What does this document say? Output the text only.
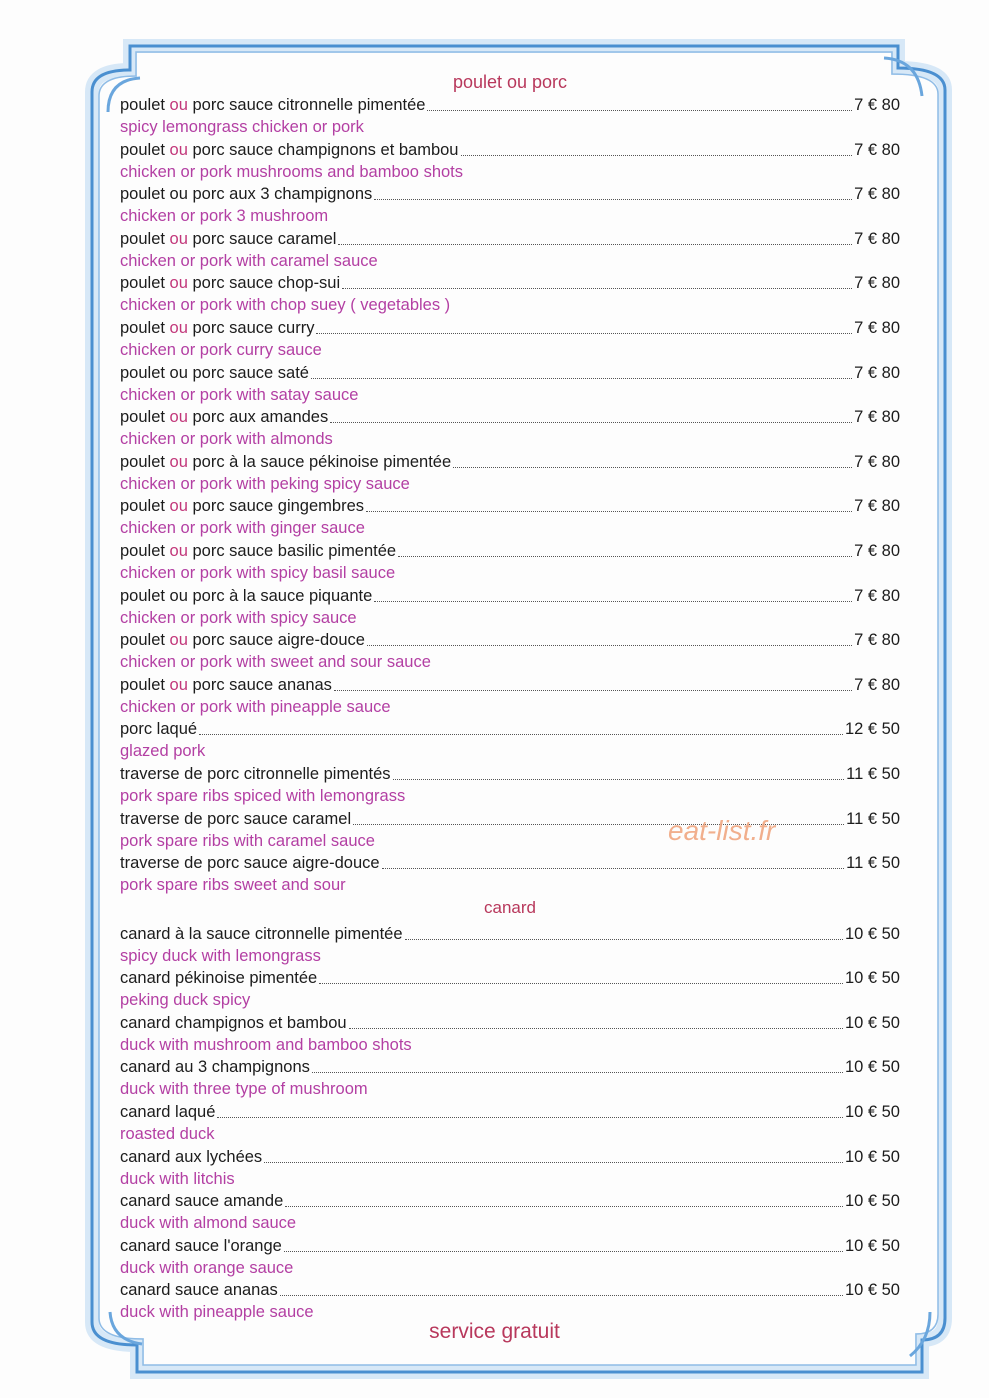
poulet ou porc
poulet ou porc sauce citronnelle pimentée	7 € 80
spicy lemongrass chicken or pork
poulet ou porc sauce champignons et bambou	7 € 80
chicken or pork mushrooms and bamboo shots
poulet ou porc aux 3 champignons	7 € 80
chicken or pork 3 mushroom
poulet ou porc sauce caramel	7 € 80
chicken or pork with caramel sauce
poulet ou porc sauce chop-sui	7 € 80
chicken or pork with chop suey ( vegetables )
poulet ou porc sauce curry	7 € 80
chicken or pork curry sauce
poulet ou porc sauce saté	7 € 80
chicken or pork with satay sauce
poulet ou porc aux amandes	7 € 80
chicken or pork with almonds
poulet ou porc à la sauce pékinoise pimentée	7 € 80
chicken or pork with peking spicy sauce
poulet ou porc sauce gingembres	7 € 80
chicken or pork with ginger sauce
poulet ou porc sauce basilic pimentée	7 € 80
chicken or pork with spicy basil sauce
poulet ou porc à la sauce piquante	7 € 80
chicken or pork with spicy sauce
poulet ou porc sauce aigre-douce	7 € 80
chicken or pork with sweet and sour sauce
poulet ou porc sauce ananas	7 € 80
chicken or pork with pineapple sauce
porc laqué	12 € 50
glazed pork
traverse de porc citronnelle pimentés	11 € 50
pork spare ribs spiced with lemongrass
traverse de porc sauce caramel	11 € 50
pork spare ribs with caramel sauce
traverse de porc sauce aigre-douce	11 € 50
pork spare ribs sweet and sour
canard
canard à la sauce citronnelle pimentée	10 € 50
spicy duck with lemongrass
canard pékinoise pimentée	10 € 50
peking duck spicy
canard champignos et bambou	10 € 50
duck with mushroom and bamboo shots
canard au 3 champignons	10 € 50
duck with three type of mushroom
canard laqué	10 € 50
roasted duck
canard aux lychées	10 € 50
duck with litchis
canard sauce amande	10 € 50
duck with almond sauce
canard sauce l'orange	10 € 50
duck with orange sauce
canard sauce ananas	10 € 50
duck with pineapple sauce
eat-list.fr
service gratuit
